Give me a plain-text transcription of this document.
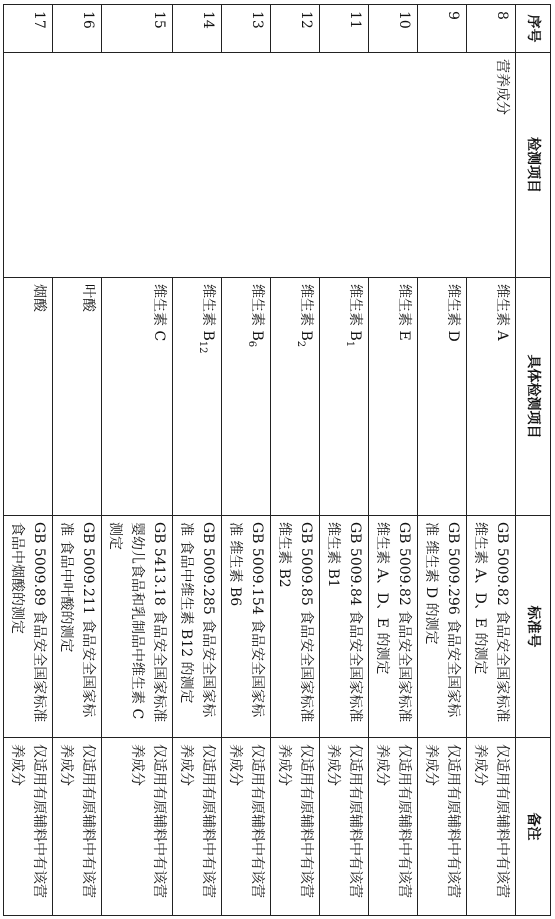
序号	检测项目	具体检测项目	标准号	备注
8	营养成分	维生素 A	GB 5009.82 食品安全国家标准 维生素 A、D、E 的测定	仅适用有原辅料中有该营养成分
9		维生素 D	GB 5009.296 食品安全国家标准 维生素 D 的测定	仅适用有原辅料中有该营养成分
10		维生素 E	GB 5009.82 食品安全国家标准 维生素 A、D、E 的测定	仅适用有原辅料中有该营养成分
11		维生素 $B_1$	GB 5009.84 食品安全国家标准 维生素 B1	仅适用有原辅料中有该营养成分
12		维生素 $B_2$	GB 5009.85 食品安全国家标准 维生素 B2	仅适用有原辅料中有该营养成分
13		维生素 $B_6$	GB 5009.154 食品安全国家标准 维生素 B6	仅适用有原辅料中有该营养成分
14		维生素 $B_{12}$	GB 5009.285 食品安全国家标准 食品中维生素 B12 的测定	仅适用有原辅料中有该营养成分
15		维生素 C	GB 5413.18 食品安全国家标准 婴幼儿食品和乳制品中维生素 C 测定	仅适用有原辅料中有该营养成分
16		叶酸	GB 5009.211 食品安全国家标准 食品中叶酸的测定	仅适用有原辅料中有该营养成分
17		烟酸	GB 5009.89 食品安全国家标准 食品中烟酸的测定	仅适用有原辅料中有该营养成分
